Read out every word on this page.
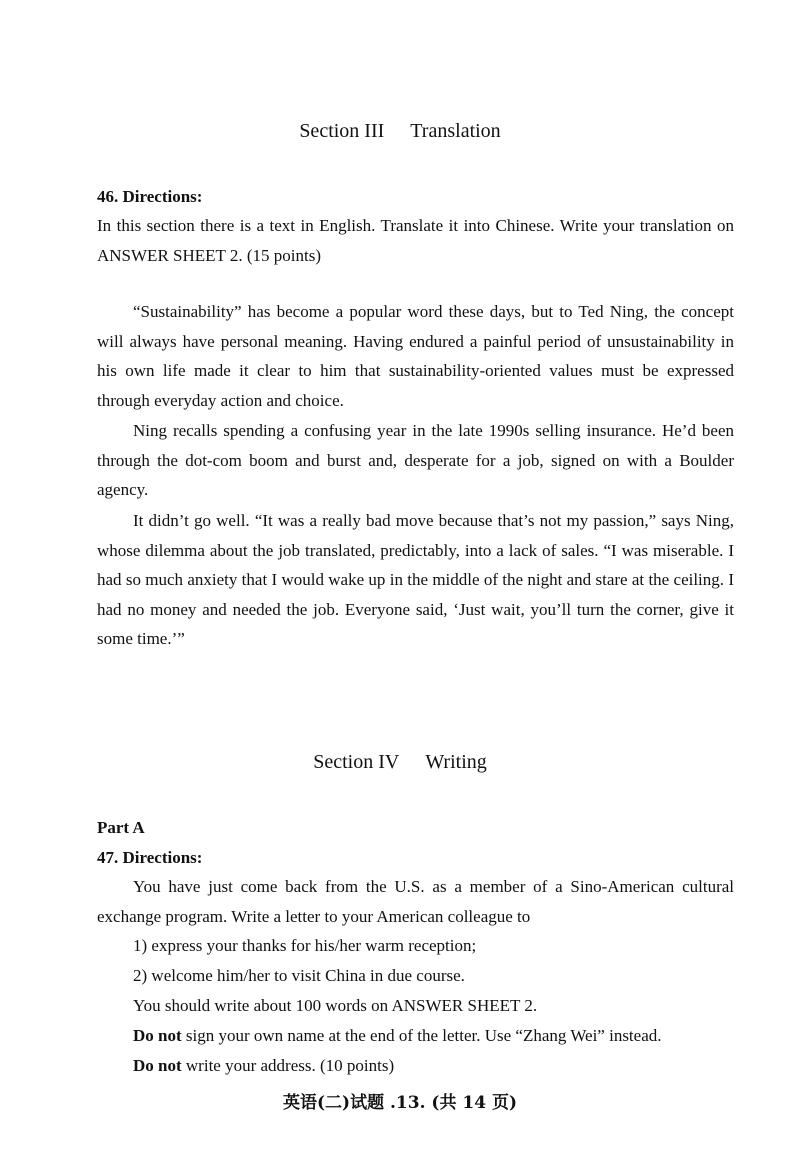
Section III Translation
46. Directions:
In this section there is a text in English. Translate it into Chinese. Write your translation on ANSWER SHEET 2. (15 points)
“Sustainability” has become a popular word these days, but to Ted Ning, the concept will always have personal meaning. Having endured a painful period of unsustainability in his own life made it clear to him that sustainability-oriented values must be expressed through everyday action and choice.
Ning recalls spending a confusing year in the late 1990s selling insurance. He’d been through the dot-com boom and burst and, desperate for a job, signed on with a Boulder agency.
It didn’t go well. “It was a really bad move because that’s not my passion,” says Ning, whose dilemma about the job translated, predictably, into a lack of sales. “I was miserable. I had so much anxiety that I would wake up in the middle of the night and stare at the ceiling. I had no money and needed the job. Everyone said, ‘Just wait, you’ll turn the corner, give it some time.’”
Section IV Writing
Part A
47. Directions:
You have just come back from the U.S. as a member of a Sino-American cultural exchange program. Write a letter to your American colleague to
1) express your thanks for his/her warm reception;
2) welcome him/her to visit China in due course.
You should write about 100 words on ANSWER SHEET 2.
Do not sign your own name at the end of the letter. Use “Zhang Wei” instead.
Do not write your address. (10 points)
英语(二)试题 .13. (共 14 页)
